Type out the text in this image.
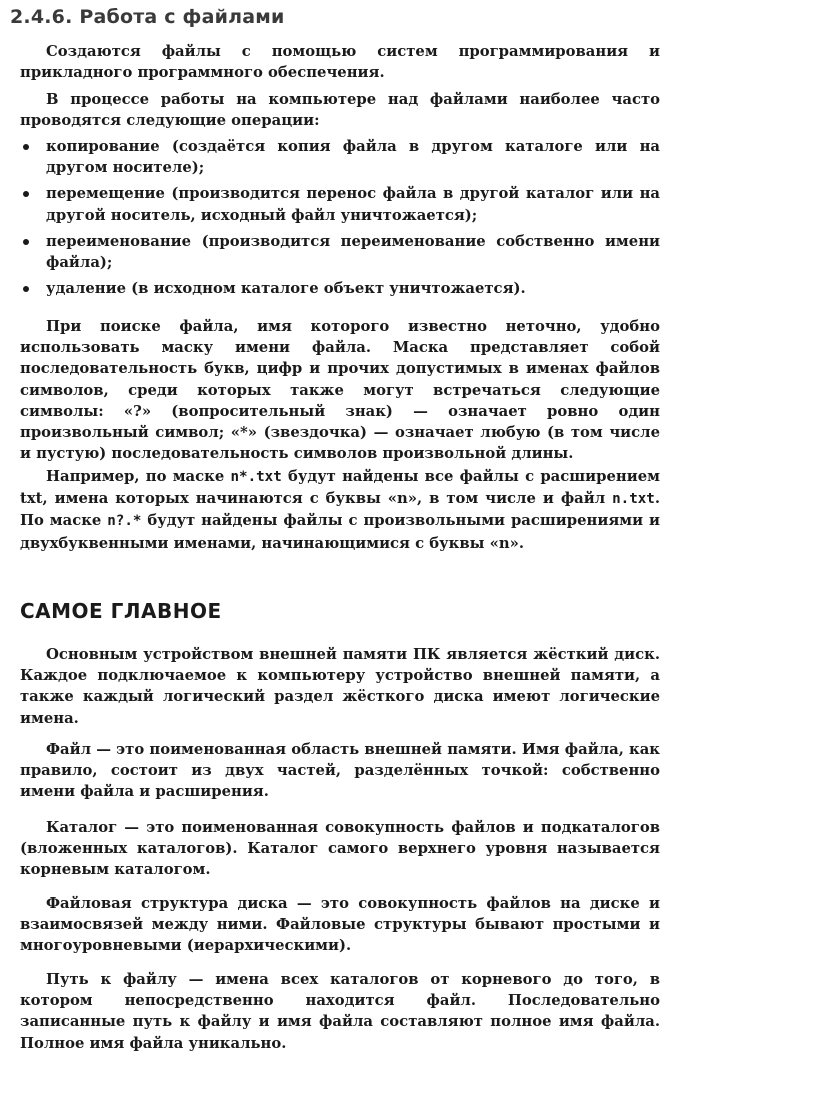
2.4.6. Работа с файлами

Создаются файлы с помощью систем программирования и прикладного программного обеспечения.

В процессе работы на компьютере над файлами наиболее часто проводятся следующие операции:

копирование (создаётся копия файла в другом каталоге или на другом носителе);
перемещение (производится перенос файла в другой каталог или на другой носитель, исходный файл уничтожается);
переименование (производится переименование собственно имени файла);
удаление (в исходном каталоге объект уничтожается).

При поиске файла, имя которого известно неточно, удобно использовать маску имени файла. Маска представляет собой последовательность букв, цифр и прочих допустимых в именах файлов символов, среди которых также могут встречаться следующие символы: «?» (вопросительный знак) — означает ровно один произвольный символ; «*» (звездочка) — означает любую (в том числе и пустую) последовательность символов произвольной длины.

Например, по маске n*.txt будут найдены все файлы с расширением txt, имена которых начинаются с буквы «n», в том числе и файл n.txt. По маске n?.* будут найдены файлы с произвольными расширениями и двухбуквенными именами, начинающимися с буквы «n».

САМОЕ ГЛАВНОЕ

Основным устройством внешней памяти ПК является жёсткий диск. Каждое подключаемое к компьютеру устройство внешней памяти, а также каждый логический раздел жёсткого диска имеют логические имена.

Файл — это поименованная область внешней памяти. Имя файла, как правило, состоит из двух частей, разделённых точкой: собственно имени файла и расширения.

Каталог — это поименованная совокупность файлов и подкаталогов (вложенных каталогов). Каталог самого верхнего уровня называется корневым каталогом.

Файловая структура диска — это совокупность файлов на диске и взаимосвязей между ними. Файловые структуры бывают простыми и многоуровневыми (иерархическими).

Путь к файлу — имена всех каталогов от корневого до того, в котором непосредственно находится файл. Последовательно записанные путь к файлу и имя файла составляют полное имя файла. Полное имя файла уникально.
